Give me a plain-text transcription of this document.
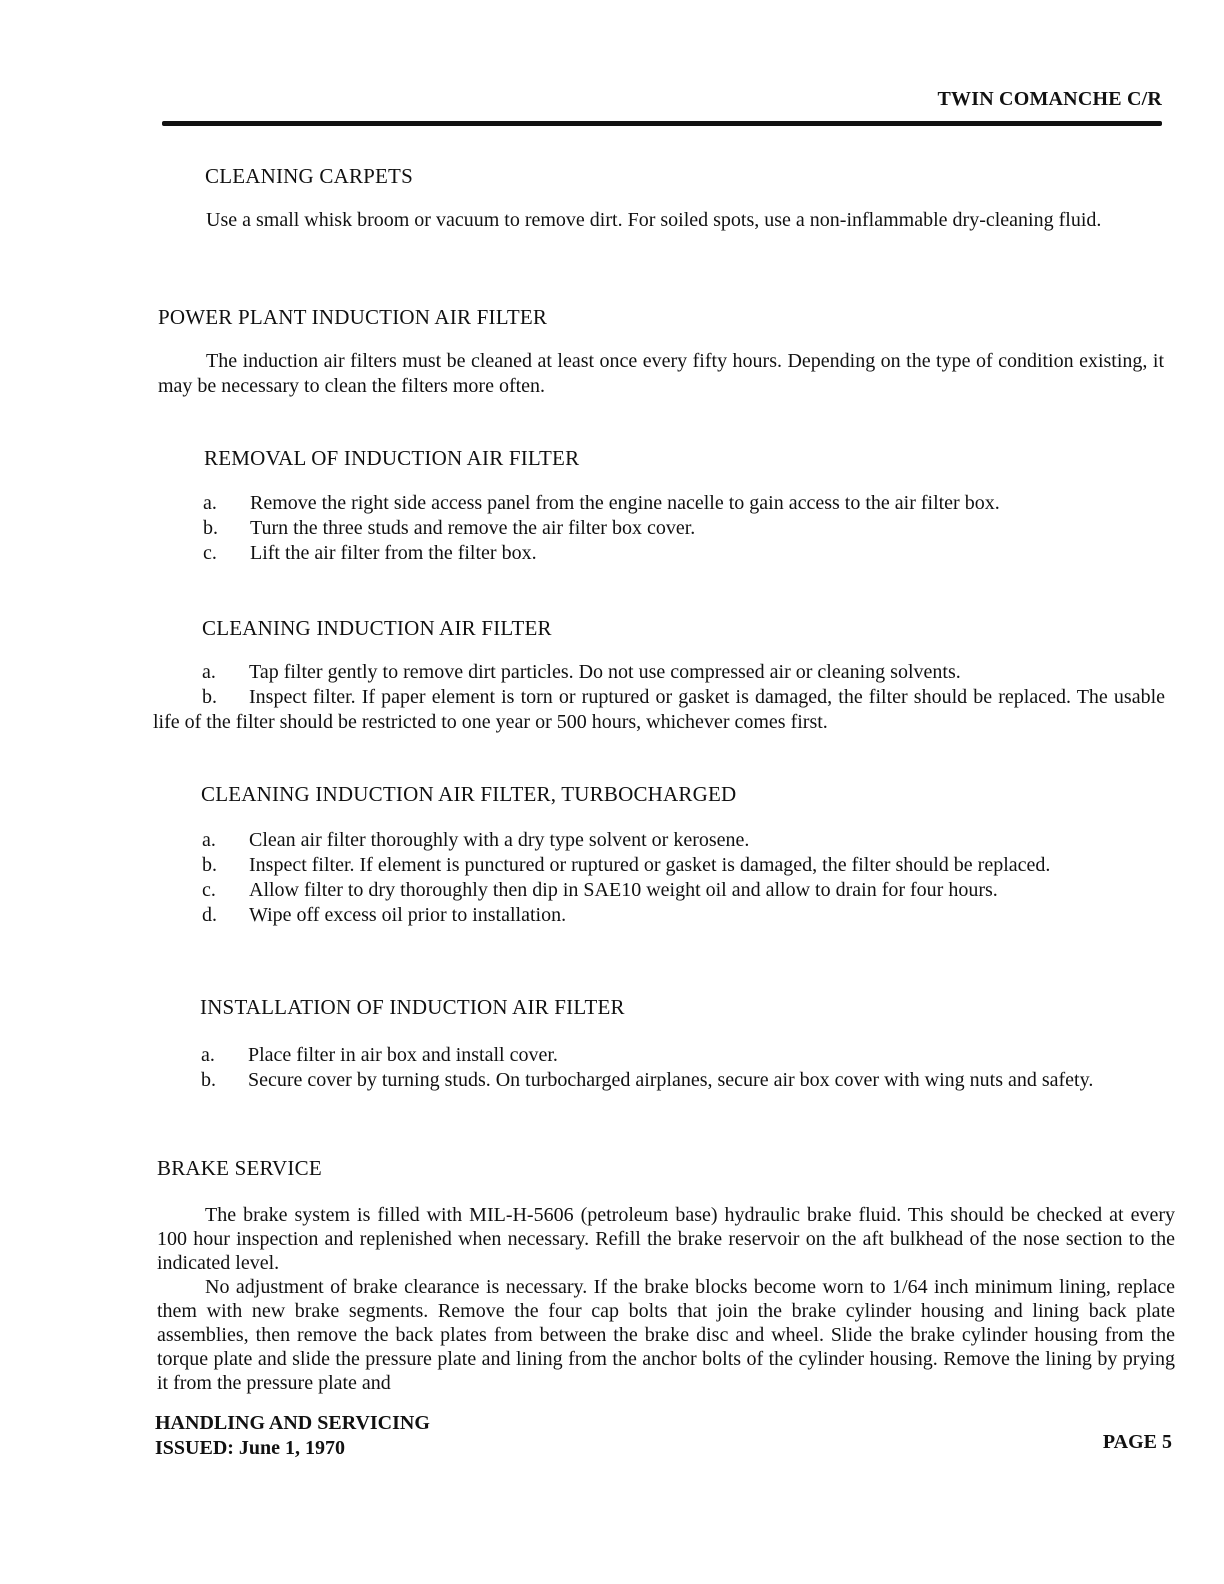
TWIN COMANCHE C/R
CLEANING CARPETS
Use a small whisk broom or vacuum to remove dirt. For soiled spots, use a non-inflammable dry-cleaning fluid.
POWER PLANT INDUCTION AIR FILTER
The induction air filters must be cleaned at least once every fifty hours. Depending on the type of condition existing, it may be necessary to clean the filters more often.
REMOVAL OF INDUCTION AIR FILTER
a. Remove the right side access panel from the engine nacelle to gain access to the air filter box.
b. Turn the three studs and remove the air filter box cover.
c. Lift the air filter from the filter box.
CLEANING INDUCTION AIR FILTER
a. Tap filter gently to remove dirt particles. Do not use compressed air or cleaning solvents.
b. Inspect filter. If paper element is torn or ruptured or gasket is damaged, the filter should be replaced. The usable life of the filter should be restricted to one year or 500 hours, whichever comes first.
CLEANING INDUCTION AIR FILTER, TURBOCHARGED
a. Clean air filter thoroughly with a dry type solvent or kerosene.
b. Inspect filter. If element is punctured or ruptured or gasket is damaged, the filter should be replaced.
c. Allow filter to dry thoroughly then dip in SAE10 weight oil and allow to drain for four hours.
d. Wipe off excess oil prior to installation.
INSTALLATION OF INDUCTION AIR FILTER
a. Place filter in air box and install cover.
b. Secure cover by turning studs. On turbocharged airplanes, secure air box cover with wing nuts and safety.
BRAKE SERVICE
The brake system is filled with MIL-H-5606 (petroleum base) hydraulic brake fluid. This should be checked at every 100 hour inspection and replenished when necessary. Refill the brake reservoir on the aft bulkhead of the nose section to the indicated level.
No adjustment of brake clearance is necessary. If the brake blocks become worn to 1/64 inch minimum lining, replace them with new brake segments. Remove the four cap bolts that join the brake cylinder housing and lining back plate assemblies, then remove the back plates from between the brake disc and wheel. Slide the brake cylinder housing from the torque plate and slide the pressure plate and lining from the anchor bolts of the cylinder housing. Remove the lining by prying it from the pressure plate and
HANDLING AND SERVICING
ISSUED: June 1, 1970	PAGE 5
